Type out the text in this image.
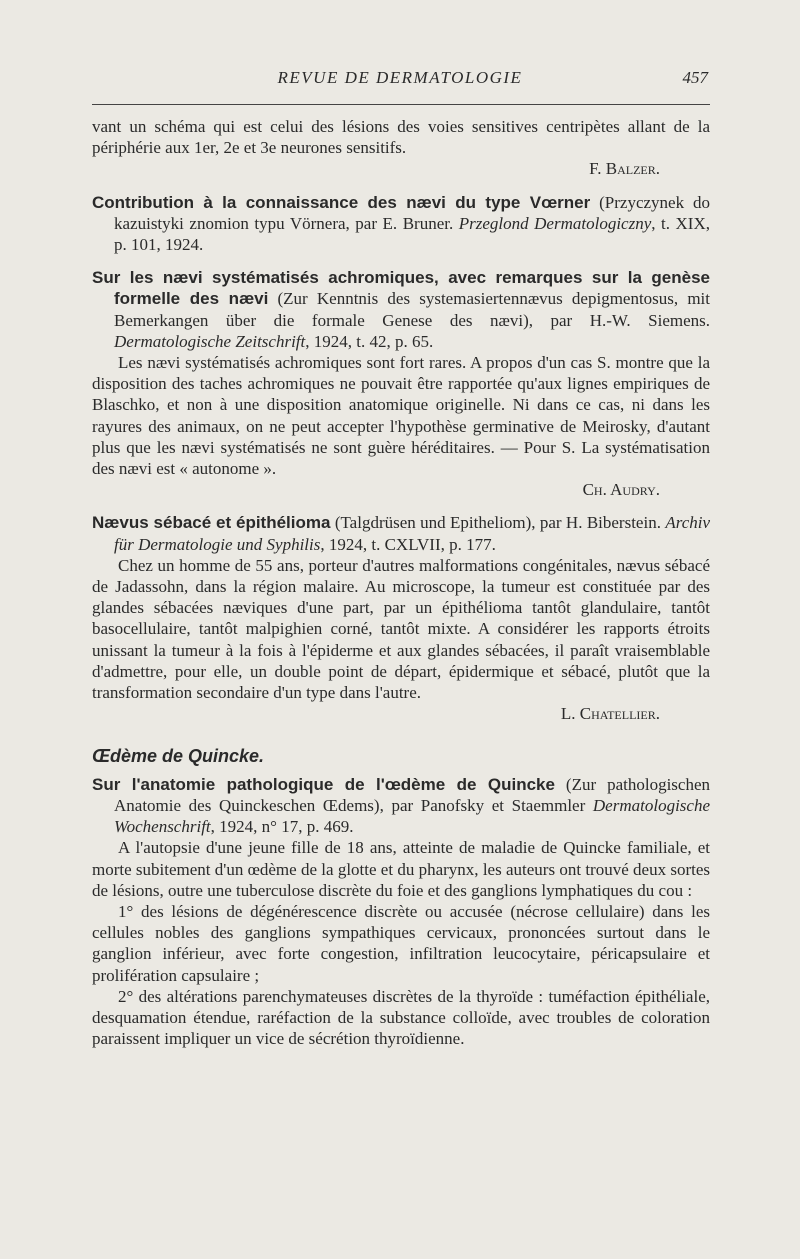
REVUE DE DERMATOLOGIE	457

vant un schéma qui est celui des lésions des voies sensitives centripètes allant de la périphérie aux 1er, 2e et 3e neurones sensitifs.

F. Balzer.

Contribution à la connaissance des nævi du type Vœrner (Przyczynek do kazuistyki znomion typu Vörnera, par E. Bruner. Przeglond Dermatologiczny, t. XIX, p. 101, 1924.

Sur les nævi systématisés achromiques, avec remarques sur la genèse formelle des nævi (Zur Kenntnis des systemasiertennævus depigmentosus, mit Bemerkangen über die formale Genese des nævi), par H.-W. Siemens. Dermatologische Zeitschrift, 1924, t. 42, p. 65.

Les nævi systématisés achromiques sont fort rares. A propos d'un cas S. montre que la disposition des taches achromiques ne pouvait être rapportée qu'aux lignes empiriques de Blaschko, et non à une disposition anatomique originelle. Ni dans ce cas, ni dans les rayures des animaux, on ne peut accepter l'hypothèse germinative de Meirosky, d'autant plus que les nævi systématisés ne sont guère héréditaires. — Pour S. La systématisation des nævi est « autonome ».

Ch. Audry.

Nævus sébacé et épithélioma (Talgdrüsen und Epitheliom), par H. Biberstein. Archiv für Dermatologie und Syphilis, 1924, t. CXLVII, p. 177.

Chez un homme de 55 ans, porteur d'autres malformations congénitales, nævus sébacé de Jadassohn, dans la région malaire. Au microscope, la tumeur est constituée par des glandes sébacées næviques d'une part, par un épithélioma tantôt glandulaire, tantôt basocellulaire, tantôt malpighien corné, tantôt mixte. A considérer les rapports étroits unissant la tumeur à la fois à l'épiderme et aux glandes sébacées, il paraît vraisemblable d'admettre, pour elle, un double point de départ, épidermique et sébacé, plutôt que la transformation secondaire d'un type dans l'autre.

L. Chatellier.

Œdème de Quincke.

Sur l'anatomie pathologique de l'œdème de Quincke (Zur pathologischen Anatomie des Quinckeschen Œdems), par Panofsky et Staemmler Dermatologische Wochenschrift, 1924, n° 17, p. 469.

A l'autopsie d'une jeune fille de 18 ans, atteinte de maladie de Quincke familiale, et morte subitement d'un œdème de la glotte et du pharynx, les auteurs ont trouvé deux sortes de lésions, outre une tuberculose discrète du foie et des ganglions lymphatiques du cou :

1° des lésions de dégénérescence discrète ou accusée (nécrose cellulaire) dans les cellules nobles des ganglions sympathiques cervicaux, prononcées surtout dans le ganglion inférieur, avec forte congestion, infiltration leucocytaire, péricapsulaire et prolifération capsulaire ;

2° des altérations parenchymateuses discrètes de la thyroïde : tuméfaction épithéliale, desquamation étendue, raréfaction de la substance colloïde, avec troubles de coloration paraissent impliquer un vice de sécrétion thyroïdienne.
